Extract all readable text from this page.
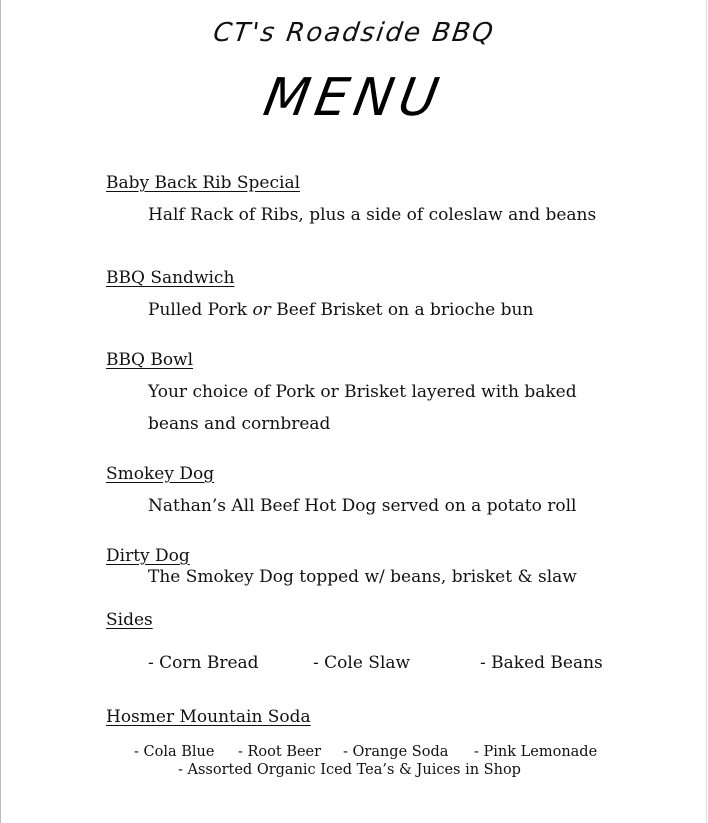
CT's Roadside BBQ
MENU
Baby Back Rib Special
Half Rack of Ribs, plus a side of coleslaw and beans
BBQ Sandwich
Pulled Pork or Beef Brisket on a brioche bun
BBQ Bowl
Your choice of Pork or Brisket layered with baked
beans and cornbread
Smokey Dog
Nathan’s All Beef Hot Dog served on a potato roll
Dirty Dog
The Smokey Dog topped w/ beans, brisket & slaw
Sides
- Corn Bread	- Cole Slaw	- Baked Beans
Hosmer Mountain Soda
- Cola Blue - Root Beer - Orange Soda - Pink Lemonade
- Assorted Organic Iced Tea’s & Juices in Shop
